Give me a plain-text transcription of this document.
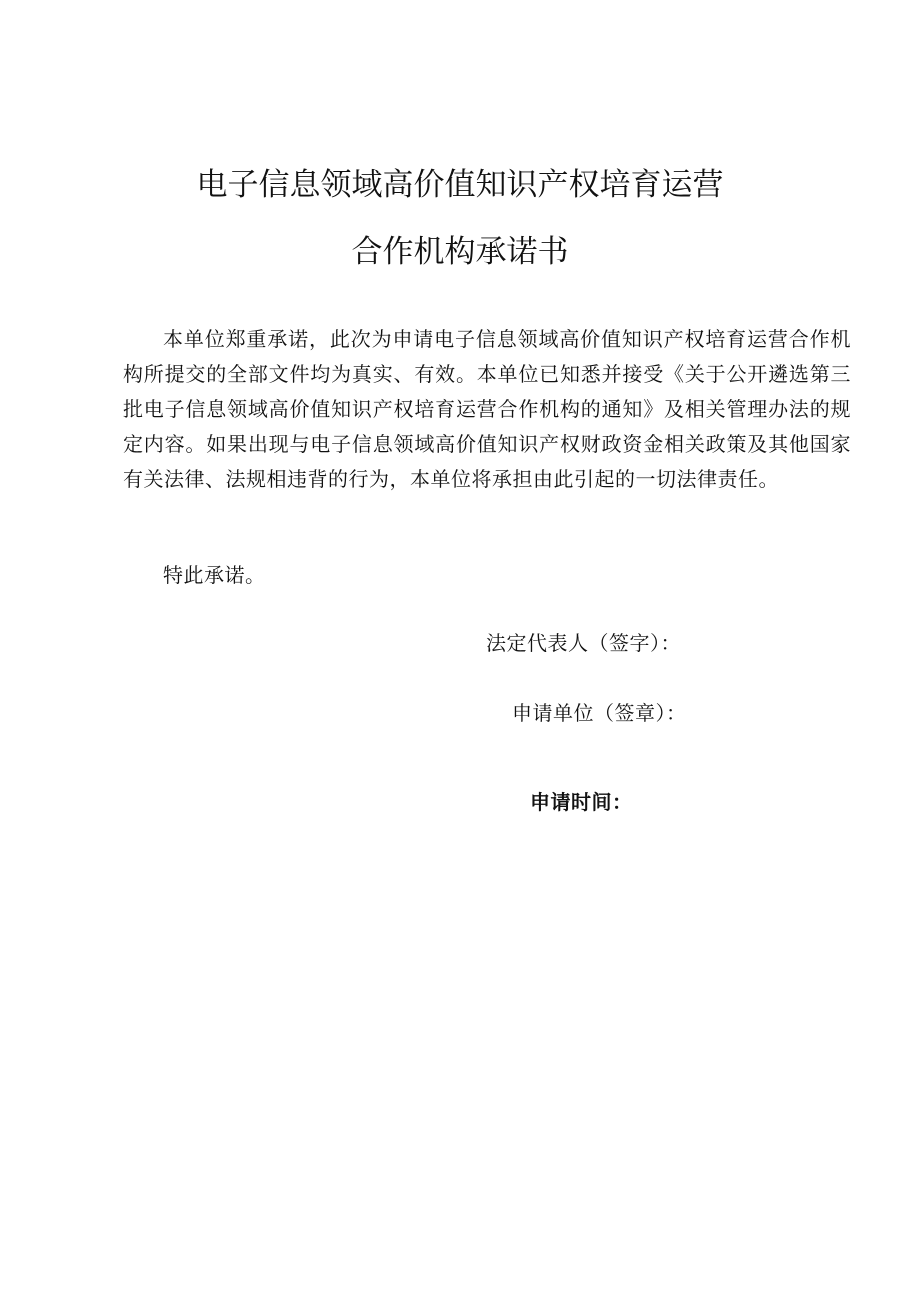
电子信息领域高价值知识产权培育运营
合作机构承诺书

本单位郑重承诺，此次为申请电子信息领域高价值知识产权培育运营合作机构所提交的全部文件均为真实、有效。本单位已知悉并接受《关于公开遴选第三批电子信息领域高价值知识产权培育运营合作机构的通知》及相关管理办法的规定内容。如果出现与电子信息领域高价值知识产权财政资金相关政策及其他国家有关法律、法规相违背的行为，本单位将承担由此引起的一切法律责任。

特此承诺。

法定代表人（签字）：

申请单位（签章）：

申请时间：
